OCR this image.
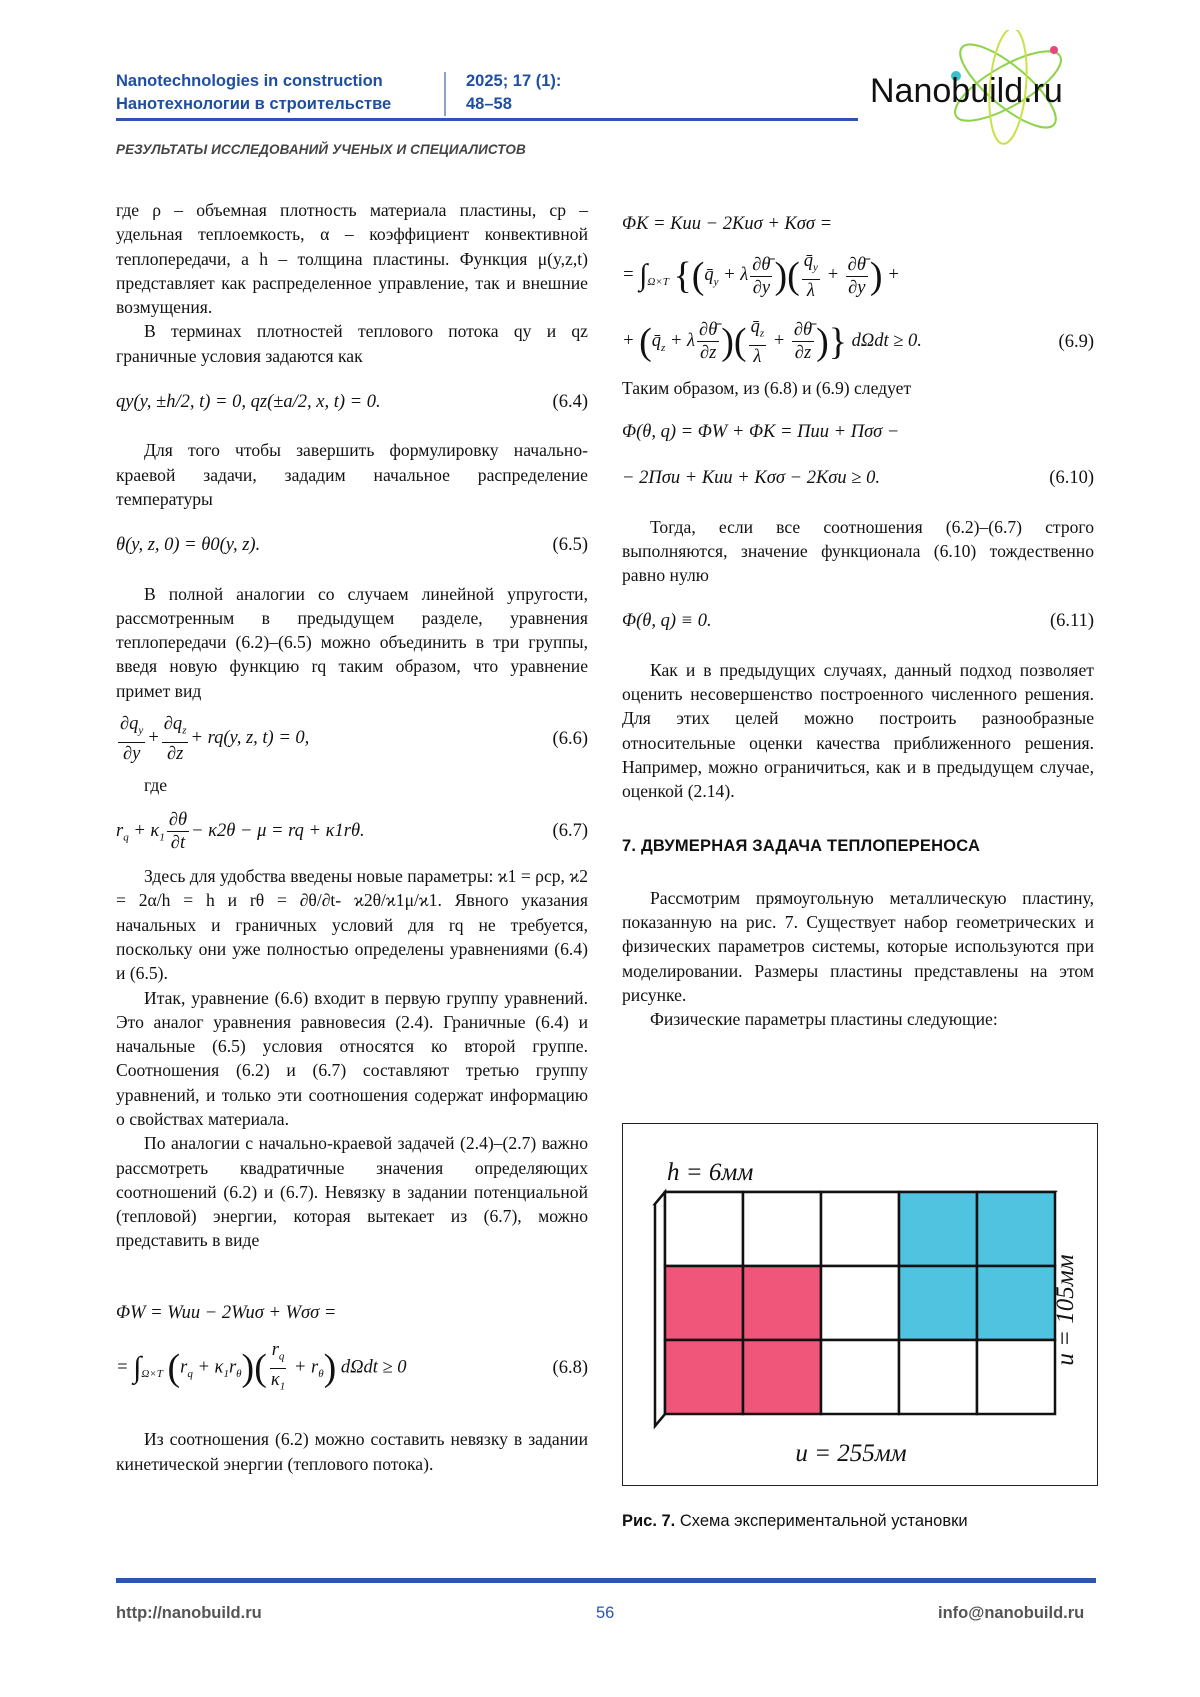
Nanotechnologies in construction
Нанотехнологии в строительстве
2025; 17 (1):
48–58	Nanobuild.ru
РЕЗУЛЬТАТЫ ИССЛЕДОВАНИЙ УЧЕНЫХ И СПЕЦИАЛИСТОВ

где ρ – объемная плотность материала пластины, cp – удельная теплоемкость, α – коэффициент конвективной теплопередачи, а h – толщина пластины. Функция μ(y,z,t) представляет как распределенное управление, так и внешние возмущения.

В терминах плотностей теплового потока qy и qz граничные условия задаются как

qy(y, ±h/2, t) = 0, qz(±a/2, x, t) = 0.	(6.4)

Для того чтобы завершить формулировку начально-краевой задачи, зададим начальное распределение температуры

θ(y, z, 0) = θ0(y, z).	(6.5)

В полной аналогии со случаем линейной упругости, рассмотренным в предыдущем разделе, уравнения теплопередачи (6.2)–(6.5) можно объединить в три группы, введя новую функцию rq таким образом, что уравнение примет вид

$\frac{\partial q_y}{\partial y} + \frac{\partial q_z}{\partial z} + rq(y$, z, t) = 0,	(6.6)

где

$r_q + \kappa_1 \frac{\partial\theta}{\partial t} - \kappa 2\theta - \mu$ = rq + κ1rθ.	(6.7)

Здесь для удобства введены новые параметры: ϰ1 = ρcp, ϰ2 = 2α/h = h и rθ = ∂θ/∂t- ϰ2θ/ϰ1μ/ϰ1. Явного указания начальных и граничных условий для rq не требуется, поскольку они уже полностью определены уравнениями (6.4) и (6.5).

Итак, уравнение (6.6) входит в первую группу уравнений. Это аналог уравнения равновесия (2.4). Граничные (6.4) и начальные (6.5) условия относятся ко второй группе. Соотношения (6.2) и (6.7) составляют третью группу уравнений, и только эти соотношения содержат информацию о свойствах материала.

По аналогии с начально-краевой задачей (2.4)–(2.7) важно рассмотреть квадратичные значения определяющих соотношений (6.2) и (6.7). Невязку в задании потенциальной (тепловой) энергии, которая вытекает из (6.7), можно представить в виде

ΦW = Wuu − 2Wuσ + Wσσ =
= $\int_{\Omega\times T}$ $(r_q + \kappa_1r_\theta)( \frac{r_q}{\kappa_1} + r_\theta) d\Omega dt \ge 0$	(6.8)

Из соотношения (6.2) можно составить невязку в задании кинетической энергии (теплового потока).

ΦK = Kuu − 2Kuσ + Kσσ =
= $\int_{\Omega\times T}$ {($q̄_y + \lambda \frac{\partial\thetā}{\partial y}$ )( $\frac{q̄_y}{\lambda} + \frac{\partial\thetā}{\partial y}$ ) +
+ ($q̄_z + \lambda \frac{\partial\thetā}{\partial z}$ )( $\frac{q̄_z}{\lambda} + \frac{\partial\thetā}{\partial z}$ )} dΩdt ≥ 0.	(6.9)

Таким образом, из (6.8) и (6.9) следует

Φ(θ, q) = ΦW + ΦK = Πuu + Πσσ −
− 2Πσu + Kuu + Kσσ − 2Kσu ≥ 0.	(6.10)

Тогда, если все соотношения (6.2)–(6.7) строго выполняются, значение функционала (6.10) тождественно равно нулю

Φ(θ, q) ≡ 0.	(6.11)

Как и в предыдущих случаях, данный подход позволяет оценить несовершенство построенного численного решения. Для этих целей можно построить разнообразные относительные оценки качества приближенного решения. Например, можно ограничиться, как и в предыдущем случае, оценкой (2.14).

7. ДВУМЕРНАЯ ЗАДАЧА ТЕПЛОПЕРЕНОСА

Рассмотрим прямоугольную металлическую пластину, показанную на рис. 7. Существует набор геометрических и физических параметров системы, которые используются при моделировании. Размеры пластины представлены на этом рисунке.

Физические параметры пластины следующие:

h = 6мм
u = 255мм
u = 105мм
Рис. 7. Схема экспериментальной установки
http://nanobuild.ru	56	info@nanobuild.ru
